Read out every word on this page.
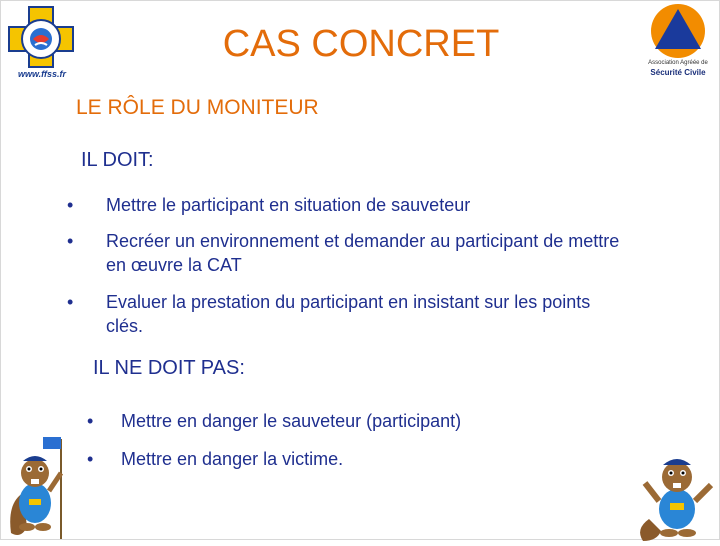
www.ffss.fr
Association Agréée de
Sécurité Civile
CAS CONCRET
LE RÔLE DU MONITEUR
IL DOIT:
• Mettre le participant en situation de sauveteur
• Recréer un environnement et demander au participant de mettre en œuvre la CAT
• Evaluer la prestation du participant en insistant sur les points clés.
IL NE DOIT PAS:
• Mettre en danger le sauveteur (participant)
• Mettre en danger la victime.
